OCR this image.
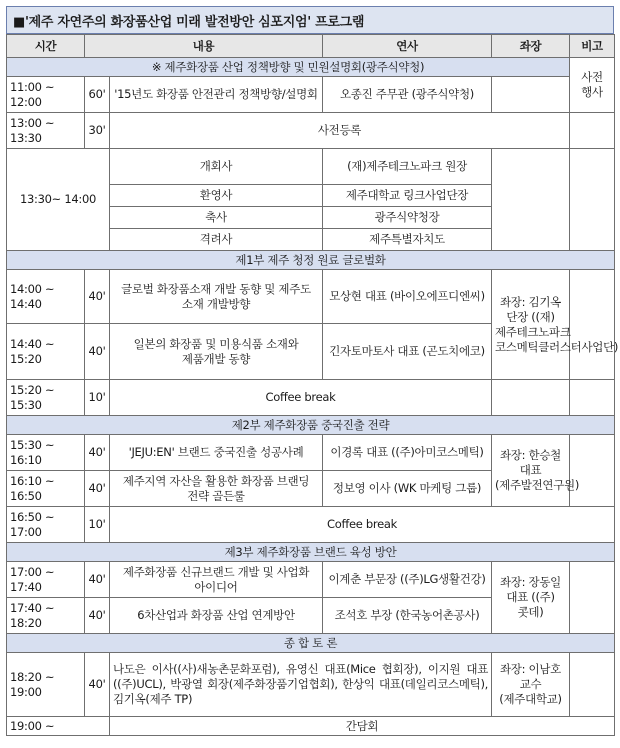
■'제주 자연주의 화장품산업 미래 발전방안 심포지엄' 프로그램
시간	내용		연사	좌장	비고
※ 제주화장품 산업 정책방향 및 민원설명회(광주식약청)					사전 행사
11:00 ~ 12:00	60'	'15년도 화장품 안전관리 정책방향/설명회	오종진 주무관 (광주식약청)		
13:00 ~ 13:30	30'	사전등록			
13:30~ 14:00		개회사	(재)제주테크노파크 원장		
		환영사	제주대학교 링크사업단장		
		축사	광주식약청장		
		격려사	제주특별자치도		
제1부 제주 청정 원료 글로벌화					
14:00 ~ 14:40	40'	글로벌 화장품소재 개발 동향 및 제주도 소재 개발방향	모상현 대표 (바이오에프디엔씨)	좌장: 김기옥 단장 ((재)제주테크노파크 코스메틱클러스터사업단)	
14:40 ~ 15:20	40'	일본의 화장품 및 미용식품 소재와 제품개발 동향	긴자토마토사 대표 (곤도치에코)		
15:20 ~ 15:30	10'	Coffee break			
제2부 제주화장품 중국진출 전략					
15:30 ~ 16:10	40'	'JEJU:EN' 브랜드 중국진출 성공사례	이경록 대표 ((주)아미코스메틱)	좌장: 한승철 대표 (제주발전연구원)	
16:10 ~ 16:50	40'	제주지역 자산을 활용한 화장품 브랜딩 전략 골든룰	정보영 이사 (WK 마케팅 그룹)		
16:50 ~ 17:00	10'	Coffee break			
제3부 제주화장품 브랜드 육성 방안					
17:00 ~ 17:40	40'	제주화장품 신규브랜드 개발 및 사업화 아이디어	이계춘 부문장 ((주)LG생활건강)	좌장: 장동일 대표 ((주)콧데)	
17:40 ~ 18:20	40'	6차산업과 화장품 산업 연계방안	조석호 부장 (한국농어촌공사)		
종 합 토 론					
18:20 ~ 19:00	40'	나도은 이사((사)새농촌문화포럼), 유영신 대표(Mice 협회장), 이지원 대표((주)UCL), 박광열 회장(제주화장품기업협회), 한상익 대표(데일리코스메틱), 김기옥(제주 TP)		좌장: 이남호 교수 (제주대학교)	
19:00 ~		간담회			
